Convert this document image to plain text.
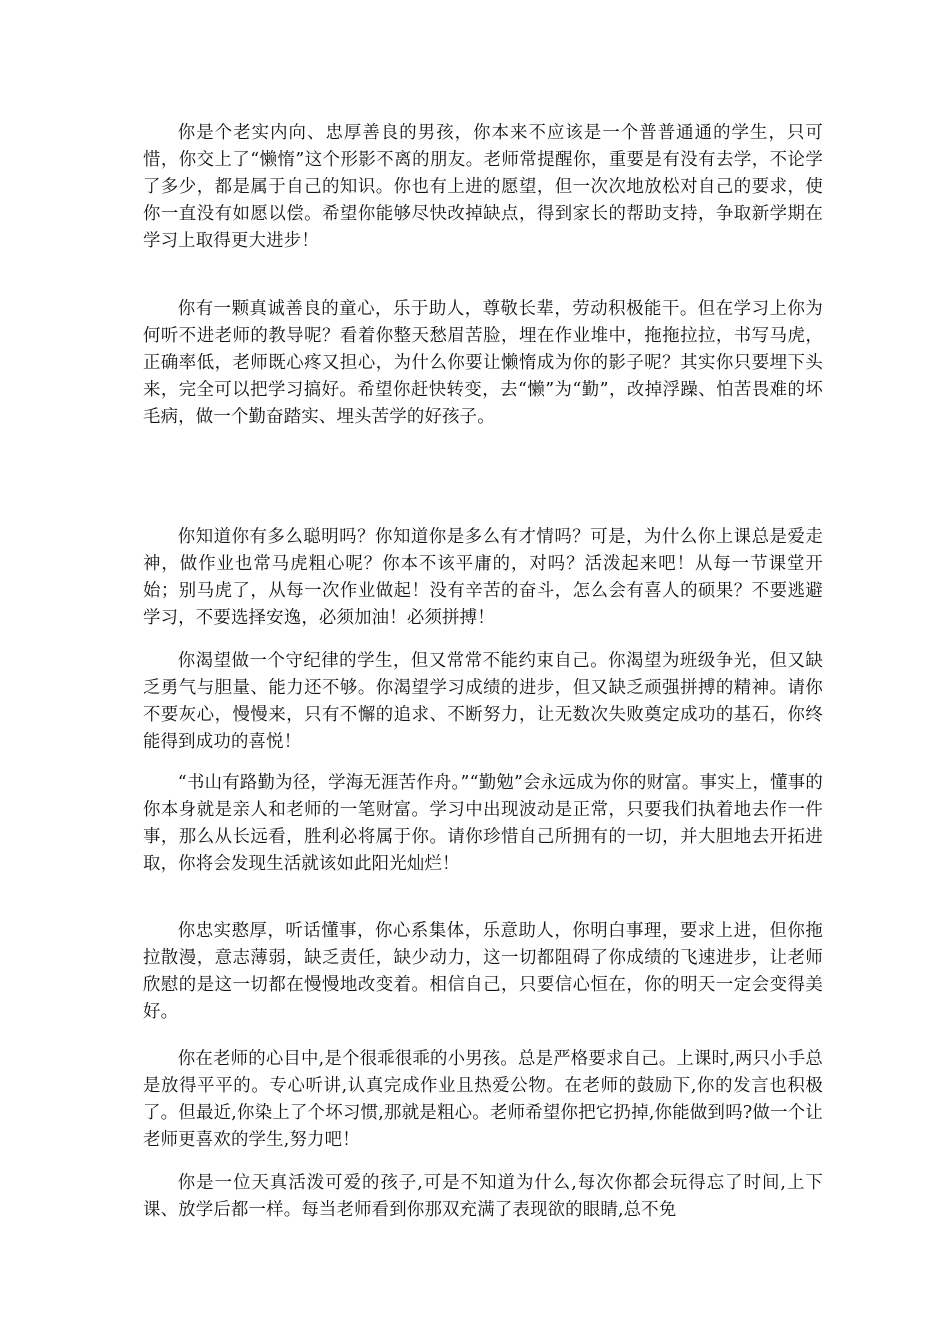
你是个老实内向、忠厚善良的男孩，你本来不应该是一个普普通通的学生，只可惜，你交上了“懒惰”这个形影不离的朋友。老师常提醒你，重要是有没有去学，不论学了多少，都是属于自己的知识。你也有上进的愿望，但一次次地放松对自己的要求，使你一直没有如愿以偿。希望你能够尽快改掉缺点，得到家长的帮助支持，争取新学期在学习上取得更大进步！

你有一颗真诚善良的童心，乐于助人，尊敬长辈，劳动积极能干。但在学习上你为何听不进老师的教导呢？看着你整天愁眉苦脸，埋在作业堆中，拖拖拉拉，书写马虎，正确率低，老师既心疼又担心，为什么你要让懒惰成为你的影子呢？其实你只要埋下头来，完全可以把学习搞好。希望你赶快转变，去“懒”为“勤”，改掉浮躁、怕苦畏难的坏毛病，做一个勤奋踏实、埋头苦学的好孩子。

你知道你有多么聪明吗？你知道你是多么有才情吗？可是，为什么你上课总是爱走神，做作业也常马虎粗心呢？你本不该平庸的，对吗？活泼起来吧！从每一节课堂开始；别马虎了，从每一次作业做起！没有辛苦的奋斗，怎么会有喜人的硕果？不要逃避学习，不要选择安逸，必须加油！必须拼搏！

你渴望做一个守纪律的学生，但又常常不能约束自己。你渴望为班级争光，但又缺乏勇气与胆量、能力还不够。你渴望学习成绩的进步，但又缺乏顽强拼搏的精神。请你不要灰心，慢慢来，只有不懈的追求、不断努力，让无数次失败奠定成功的基石，你终能得到成功的喜悦！

“书山有路勤为径，学海无涯苦作舟。”“勤勉”会永远成为你的财富。事实上，懂事的你本身就是亲人和老师的一笔财富。学习中出现波动是正常，只要我们执着地去作一件事，那么从长远看，胜利必将属于你。请你珍惜自己所拥有的一切，并大胆地去开拓进取，你将会发现生活就该如此阳光灿烂！

你忠实憨厚，听话懂事，你心系集体，乐意助人，你明白事理，要求上进，但你拖拉散漫，意志薄弱，缺乏责任，缺少动力，这一切都阻碍了你成绩的飞速进步，让老师欣慰的是这一切都在慢慢地改变着。相信自己，只要信心恒在，你的明天一定会变得美好。

你在老师的心目中,是个很乖很乖的小男孩。总是严格要求自己。上课时,两只小手总是放得平平的。专心听讲,认真完成作业且热爱公物。在老师的鼓励下,你的发言也积极了。但最近,你染上了个坏习惯,那就是粗心。老师希望你把它扔掉,你能做到吗?做一个让老师更喜欢的学生,努力吧！

你是一位天真活泼可爱的孩子,可是不知道为什么,每次你都会玩得忘了时间,上下课、放学后都一样。每当老师看到你那双充满了表现欲的眼睛,总不免
